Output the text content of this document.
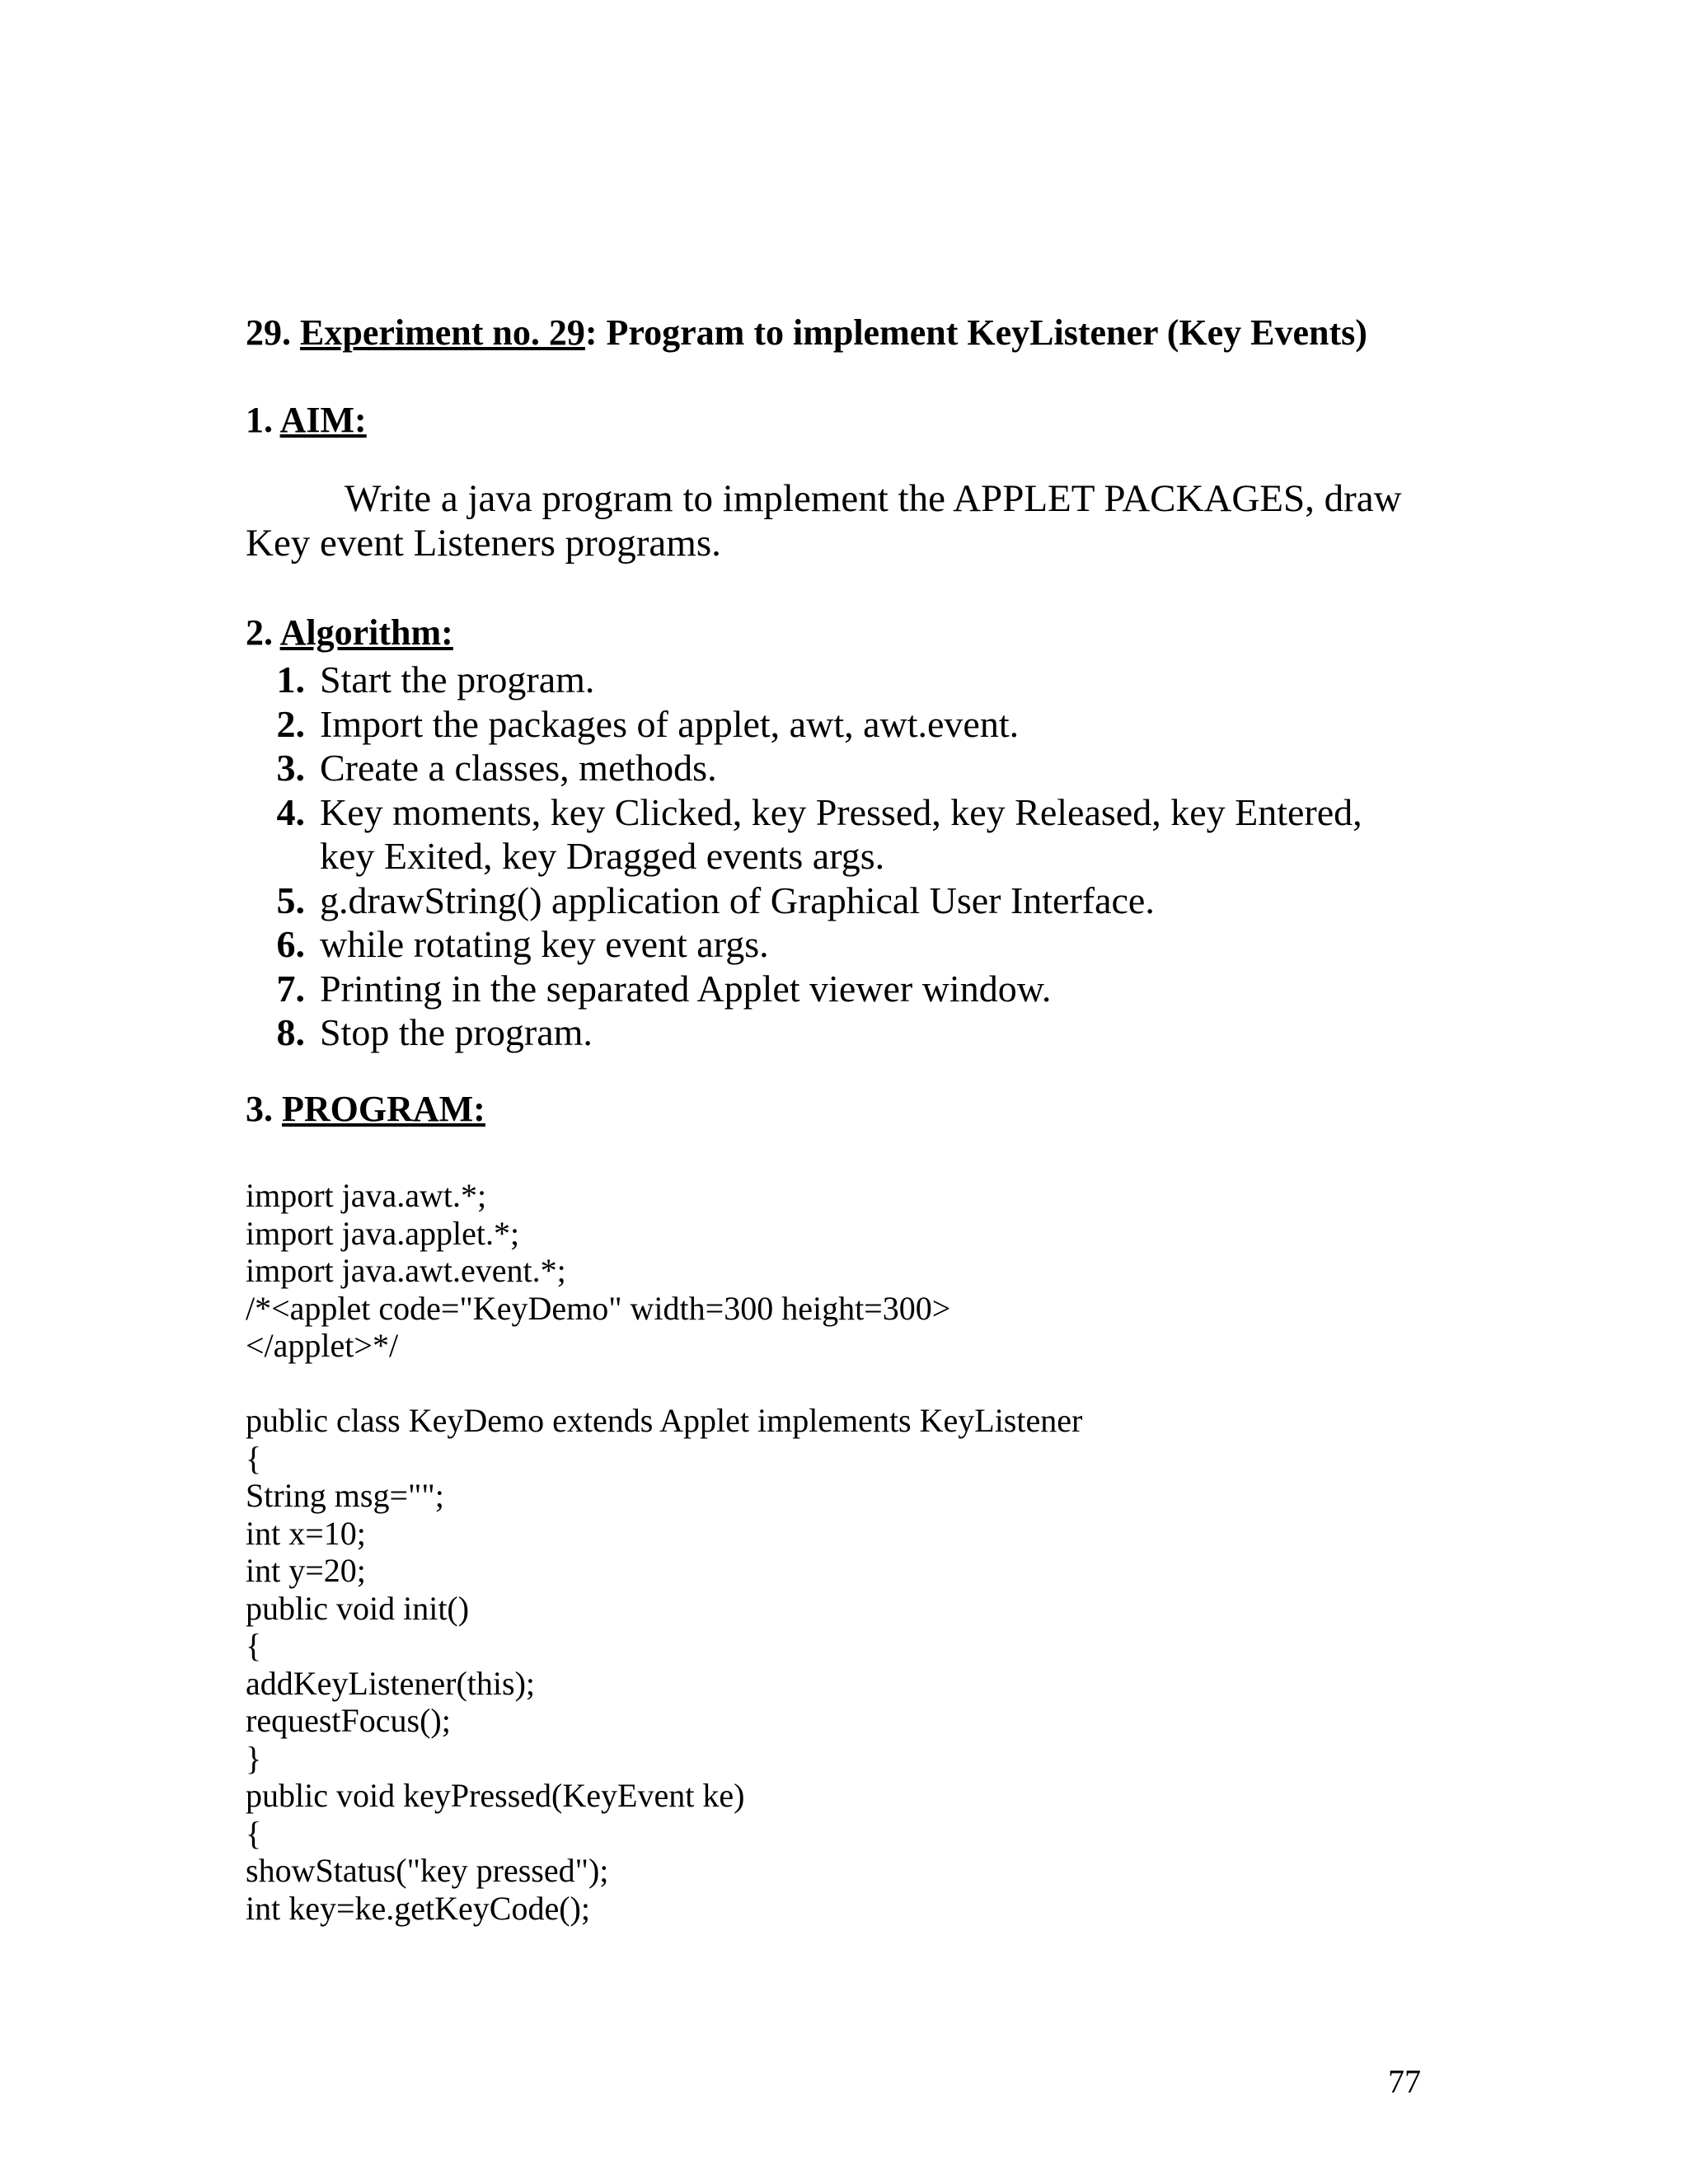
29. Experiment no. 29: Program to implement KeyListener (Key Events)
1. AIM:
Write a java program to implement the APPLET PACKAGES, draw
Key event Listeners programs.
2. Algorithm:
1. Start the program.
2. Import the packages of applet, awt, awt.event.
3. Create a classes, methods.
4. Key moments, key Clicked, key Pressed, key Released, key Entered,
key Exited, key Dragged events args.
5. g.drawString() application of Graphical User Interface.
6. while rotating key event args.
7. Printing in the separated Applet viewer window.
8. Stop the program.
3. PROGRAM:
import java.awt.*;
import java.applet.*;
import java.awt.event.*;
/*<applet code="KeyDemo" width=300 height=300>
</applet>*/
public class KeyDemo extends Applet implements KeyListener
{
String msg="";
int x=10;
int y=20;
public void init()
{
addKeyListener(this);
requestFocus();
}
public void keyPressed(KeyEvent ke)
{
showStatus("key pressed");
int key=ke.getKeyCode();
77
